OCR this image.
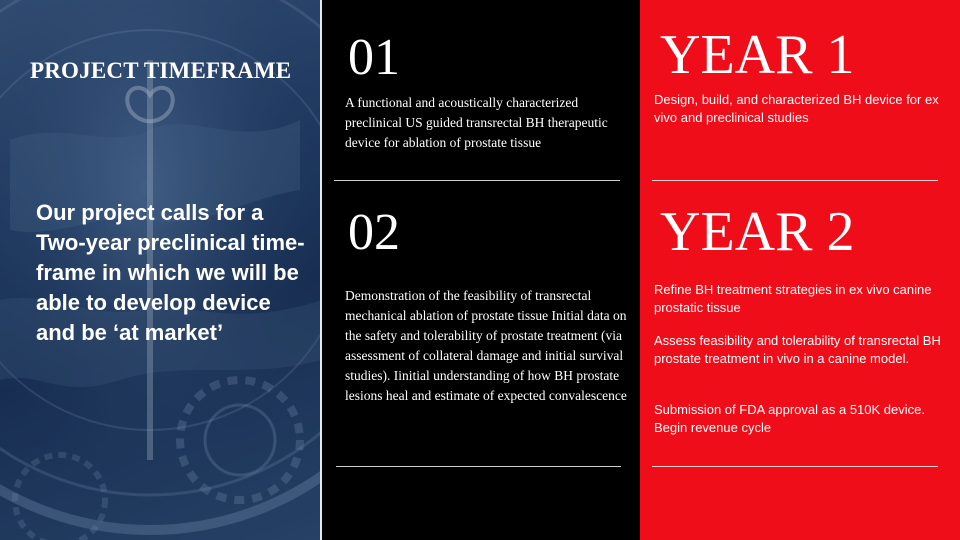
Our project calls for a Two-year preclinical time-frame in which we will be able to develop device and be ‘at market’
PROJECT TIMEFRAME	01
A functional and acoustically characterized preclinical US guided transrectal BH therapeutic device for ablation of prostate tissue
02
Demonstration of the feasibility of transrectal mechanical ablation of prostate tissue Initial data on the safety and tolerability of prostate treatment (via assessment of collateral damage and initial survival studies). Iinitial understanding of how BH prostate lesions heal and estimate of expected convalescence
YEAR 1
Design, build, and characterized BH device for ex vivo and preclinical studies
YEAR 2
Refine BH treatment strategies in ex vivo canine prostatic tissue
Assess feasibility and tolerability of transrectal BH prostate treatment in vivo in a canine model.
Submission of FDA approval as a 510K device. Begin revenue cycle
